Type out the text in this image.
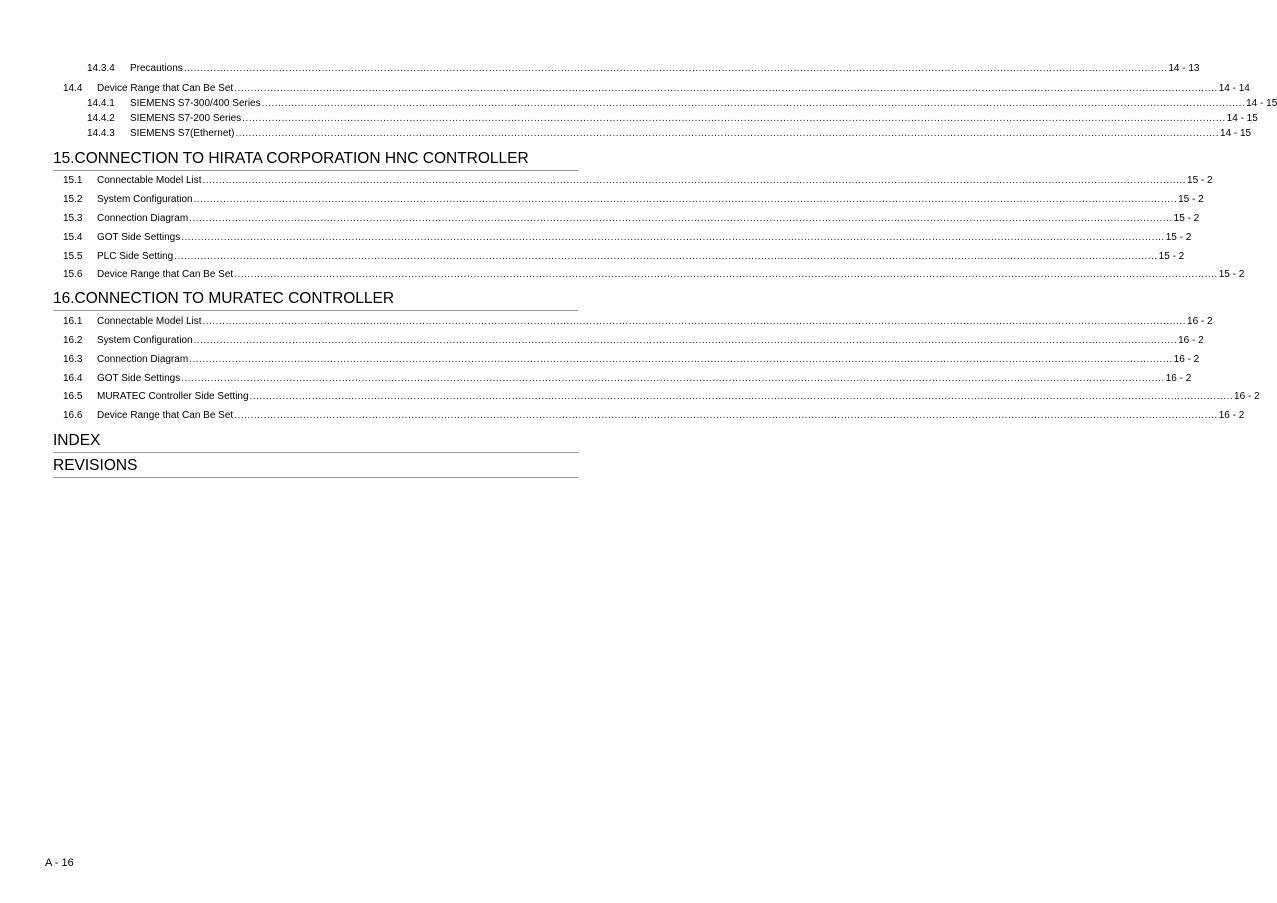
14.3.4	Precautions ............................................................................................................................................................................................................................................................................................................ 14 - 13
14.4	Device Range that Can Be Set ............................................................................................................................................................................................................................................................................................................ 14 - 14
14.4.1	SIEMENS S7-300/400 Series ............................................................................................................................................................................................................................................................................................................ 14 - 15
14.4.2	SIEMENS S7-200 Series ............................................................................................................................................................................................................................................................................................................ 14 - 15
14.4.3	SIEMENS S7(Ethernet) ............................................................................................................................................................................................................................................................................................................ 14 - 15
15.CONNECTION TO HIRATA CORPORATION HNC CONTROLLER
15.1	Connectable Model List ............................................................................................................................................................................................................................................................................................................ 15 - 2
15.2	System Configuration ............................................................................................................................................................................................................................................................................................................ 15 - 2
15.3	Connection Diagram ............................................................................................................................................................................................................................................................................................................ 15 - 2
15.4	GOT Side Settings ............................................................................................................................................................................................................................................................................................................ 15 - 2
15.5	PLC Side Setting ............................................................................................................................................................................................................................................................................................................ 15 - 2
15.6	Device Range that Can Be Set ............................................................................................................................................................................................................................................................................................................ 15 - 2
16.CONNECTION TO MURATEC CONTROLLER
16.1	Connectable Model List ............................................................................................................................................................................................................................................................................................................ 16 - 2
16.2	System Configuration ............................................................................................................................................................................................................................................................................................................ 16 - 2
16.3	Connection Diagram ............................................................................................................................................................................................................................................................................................................ 16 - 2
16.4	GOT Side Settings ............................................................................................................................................................................................................................................................................................................ 16 - 2
16.5	MURATEC Controller Side Setting ............................................................................................................................................................................................................................................................................................................ 16 - 2
16.6	Device Range that Can Be Set ............................................................................................................................................................................................................................................................................................................ 16 - 2
INDEX
REVISIONS
A - 16
